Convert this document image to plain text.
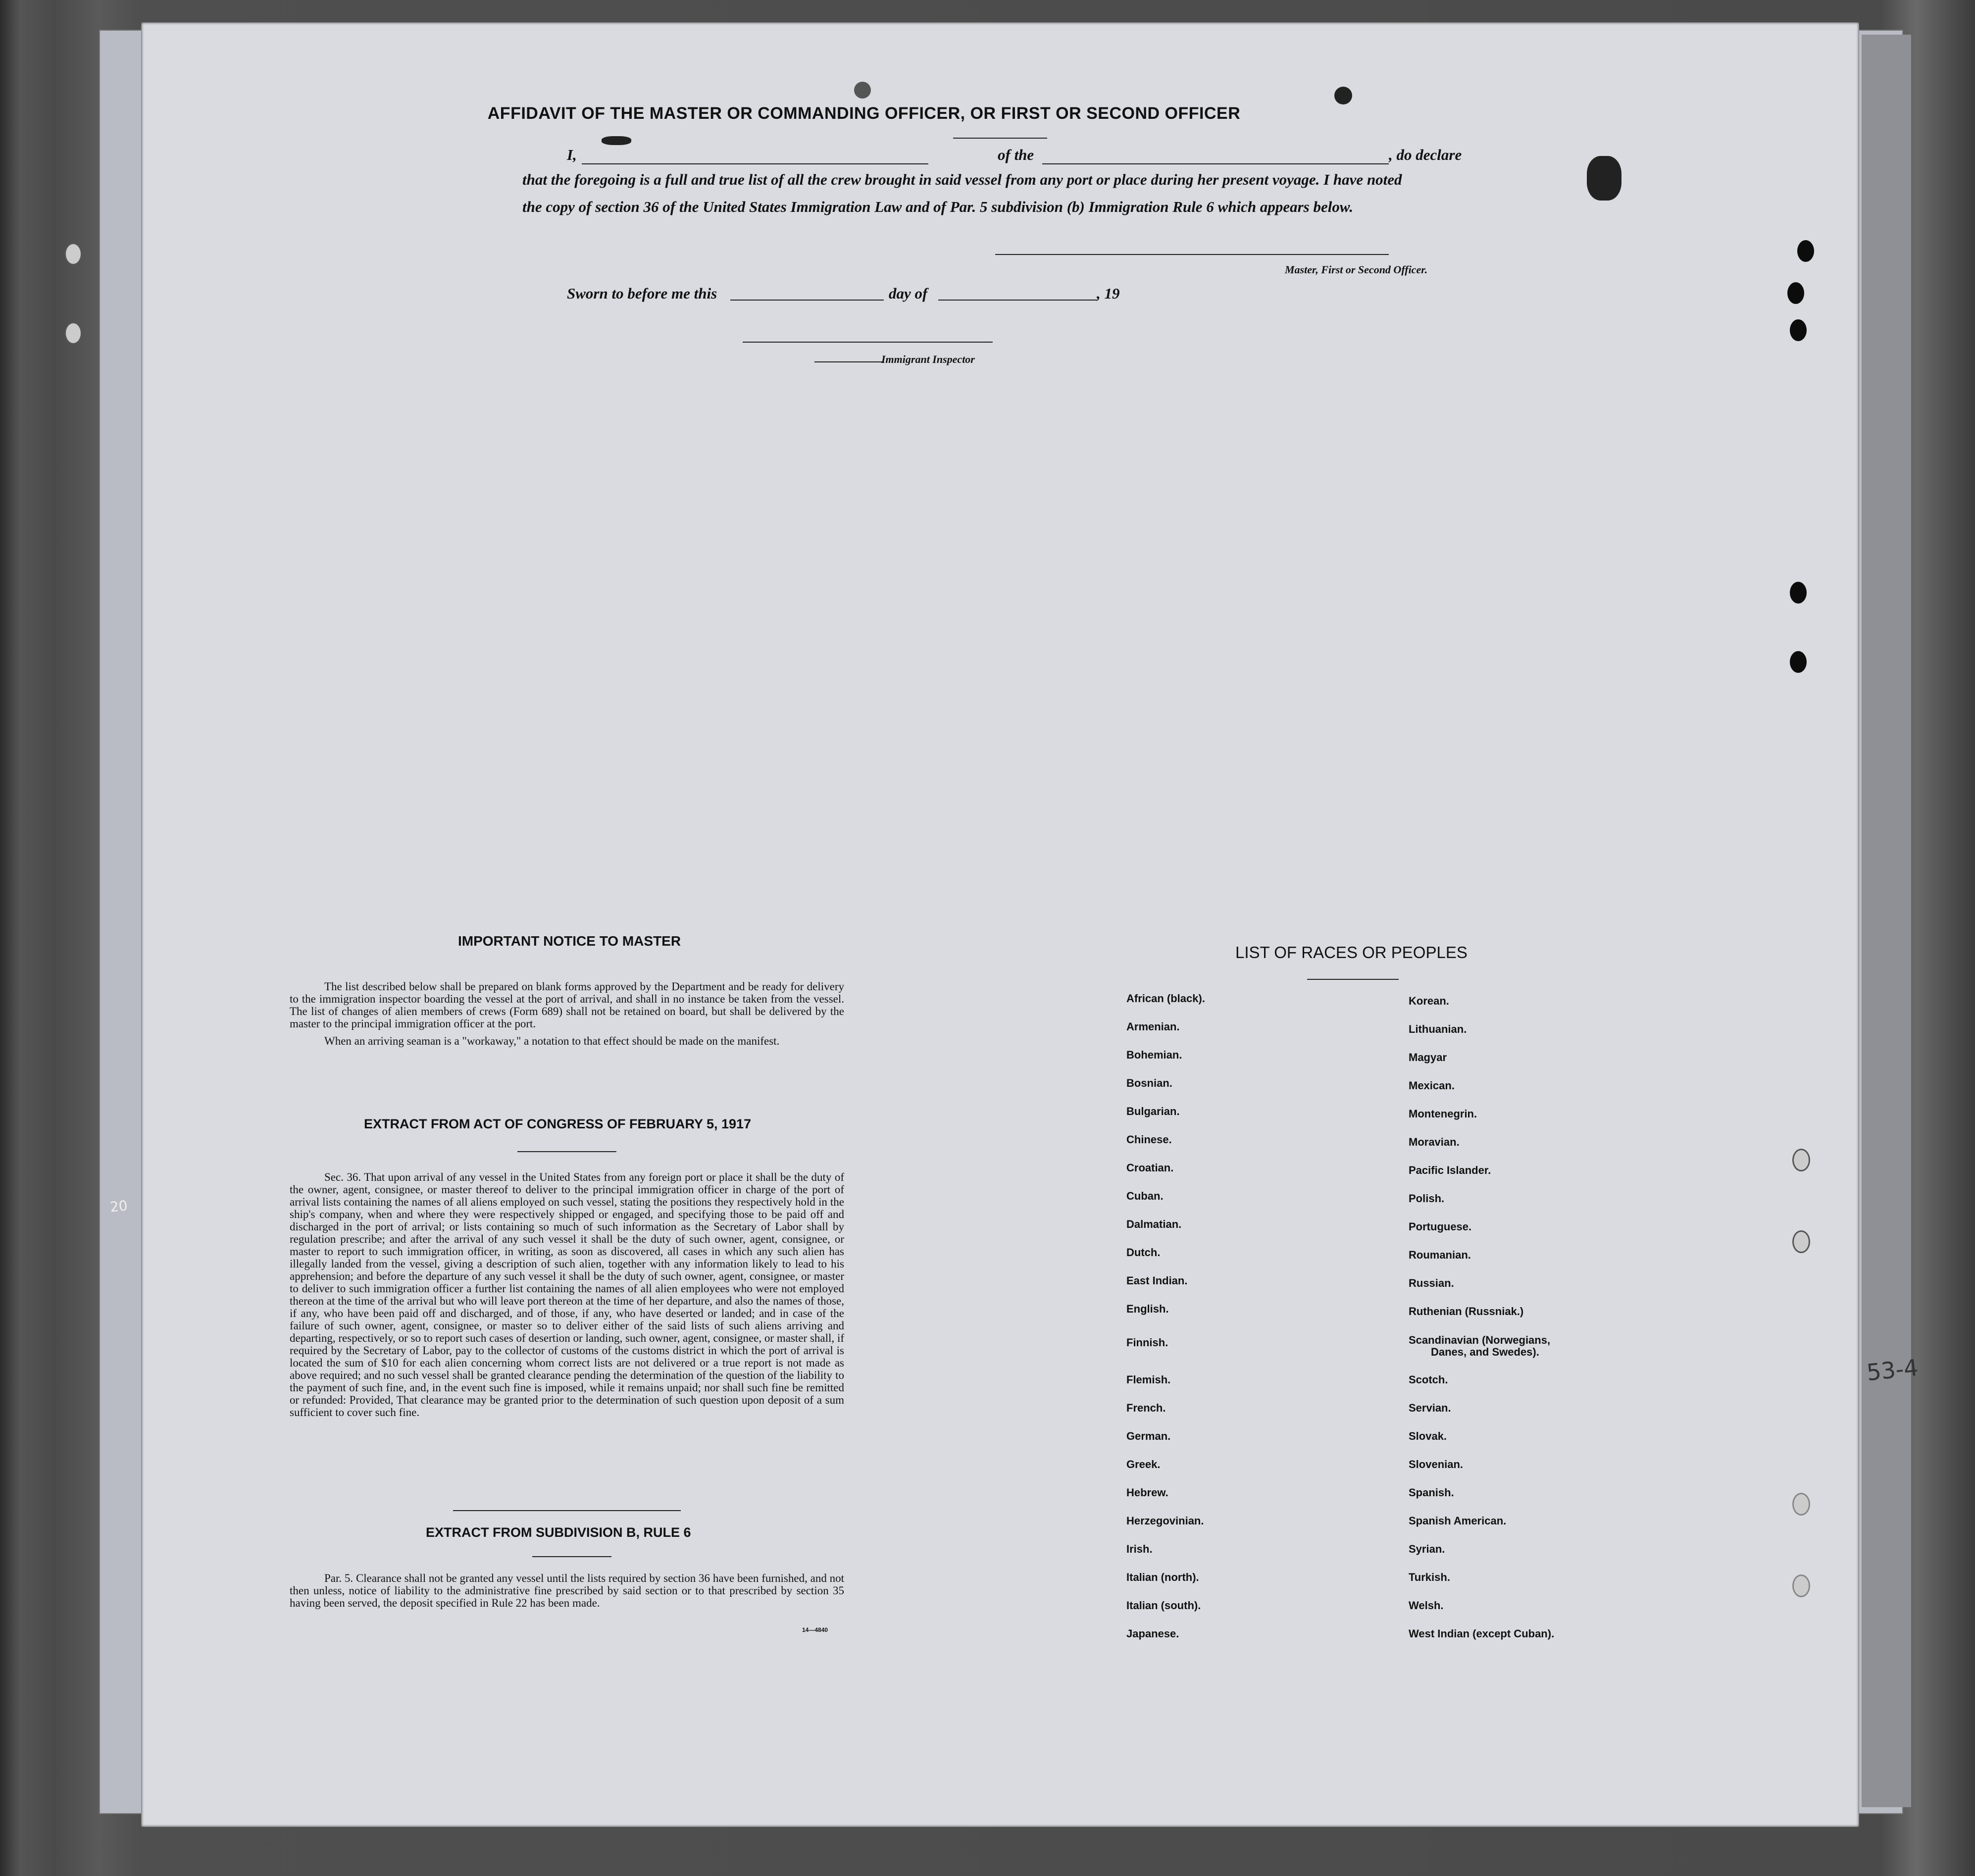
20
AFFIDAVIT OF THE MASTER OR COMMANDING OFFICER, OR FIRST OR SECOND OFFICER
I,	of the	, do declare
that the foregoing is a full and true list of all the crew brought in said vessel from any port or place during her present voyage. I have noted
the copy of section 36 of the United States Immigration Law and of Par. 5 subdivision (b) Immigration Rule 6 which appears below.
Master, First or Second Officer.
Sworn to before me this	day of	, 19
Immigrant Inspector
IMPORTANT NOTICE TO MASTER

The list described below shall be prepared on blank forms approved by the Department and be ready for delivery to the immigration inspector boarding the vessel at the port of arrival, and shall in no instance be taken from the vessel. The list of changes of alien members of crews (Form 689) shall not be retained on board, but shall be delivered by the master to the principal immigration officer at the port.

When an arriving seaman is a "workaway," a notation to that effect should be made on the manifest.

EXTRACT FROM ACT OF CONGRESS OF FEBRUARY 5, 1917

Sec. 36. That upon arrival of any vessel in the United States from any foreign port or place it shall be the duty of the owner, agent, consignee, or master thereof to deliver to the principal immigration officer in charge of the port of arrival lists containing the names of all aliens employed on such vessel, stating the positions they respectively hold in the ship's company, when and where they were respectively shipped or engaged, and specifying those to be paid off and discharged in the port of arrival; or lists containing so much of such information as the Secretary of Labor shall by regulation prescribe; and after the arrival of any such vessel it shall be the duty of such owner, agent, consignee, or master to report to such immigration officer, in writing, as soon as discovered, all cases in which any such alien has illegally landed from the vessel, giving a description of such alien, together with any information likely to lead to his apprehension; and before the departure of any such vessel it shall be the duty of such owner, agent, consignee, or master to deliver to such immigration officer a further list containing the names of all alien employees who were not employed thereon at the time of the arrival but who will leave port thereon at the time of her departure, and also the names of those, if any, who have been paid off and discharged, and of those, if any, who have deserted or landed; and in case of the failure of such owner, agent, consignee, or master so to deliver either of the said lists of such aliens arriving and departing, respectively, or so to report such cases of desertion or landing, such owner, agent, consignee, or master shall, if required by the Secretary of Labor, pay to the collector of customs of the customs district in which the port of arrival is located the sum of $10 for each alien concerning whom correct lists are not delivered or a true report is not made as above required; and no such vessel shall be granted clearance pending the determination of the question of the liability to the payment of such fine, and, in the event such fine is imposed, while it remains unpaid; nor shall such fine be remitted or refunded: Provided, That clearance may be granted prior to the determination of such question upon deposit of a sum sufficient to cover such fine.

EXTRACT FROM SUBDIVISION B, RULE 6

Par. 5. Clearance shall not be granted any vessel until the lists required by section 36 have been furnished, and not then unless, notice of liability to the administrative fine prescribed by said section or to that prescribed by section 35 having been served, the deposit specified in Rule 22 has been made.

14—4840
LIST OF RACES OR PEOPLES
African (black).
Armenian.
Bohemian.
Bosnian.
Bulgarian.
Chinese.
Croatian.
Cuban.
Dalmatian.
Dutch.
East Indian.
English.
Finnish.
Flemish.
French.
German.
Greek.
Hebrew.
Herzegovinian.
Irish.
Italian (north).
Italian (south).
Japanese.
Korean.
Lithuanian.
Magyar
Mexican.
Montenegrin.
Moravian.
Pacific Islander.
Polish.
Portuguese.
Roumanian.
Russian.
Ruthenian (Russniak.)
Scandinavian (Norwegians,
Danes, and Swedes).
Scotch.
Servian.
Slovak.
Slovenian.
Spanish.
Spanish American.
Syrian.
Turkish.
Welsh.
West Indian (except Cuban).
53-4
